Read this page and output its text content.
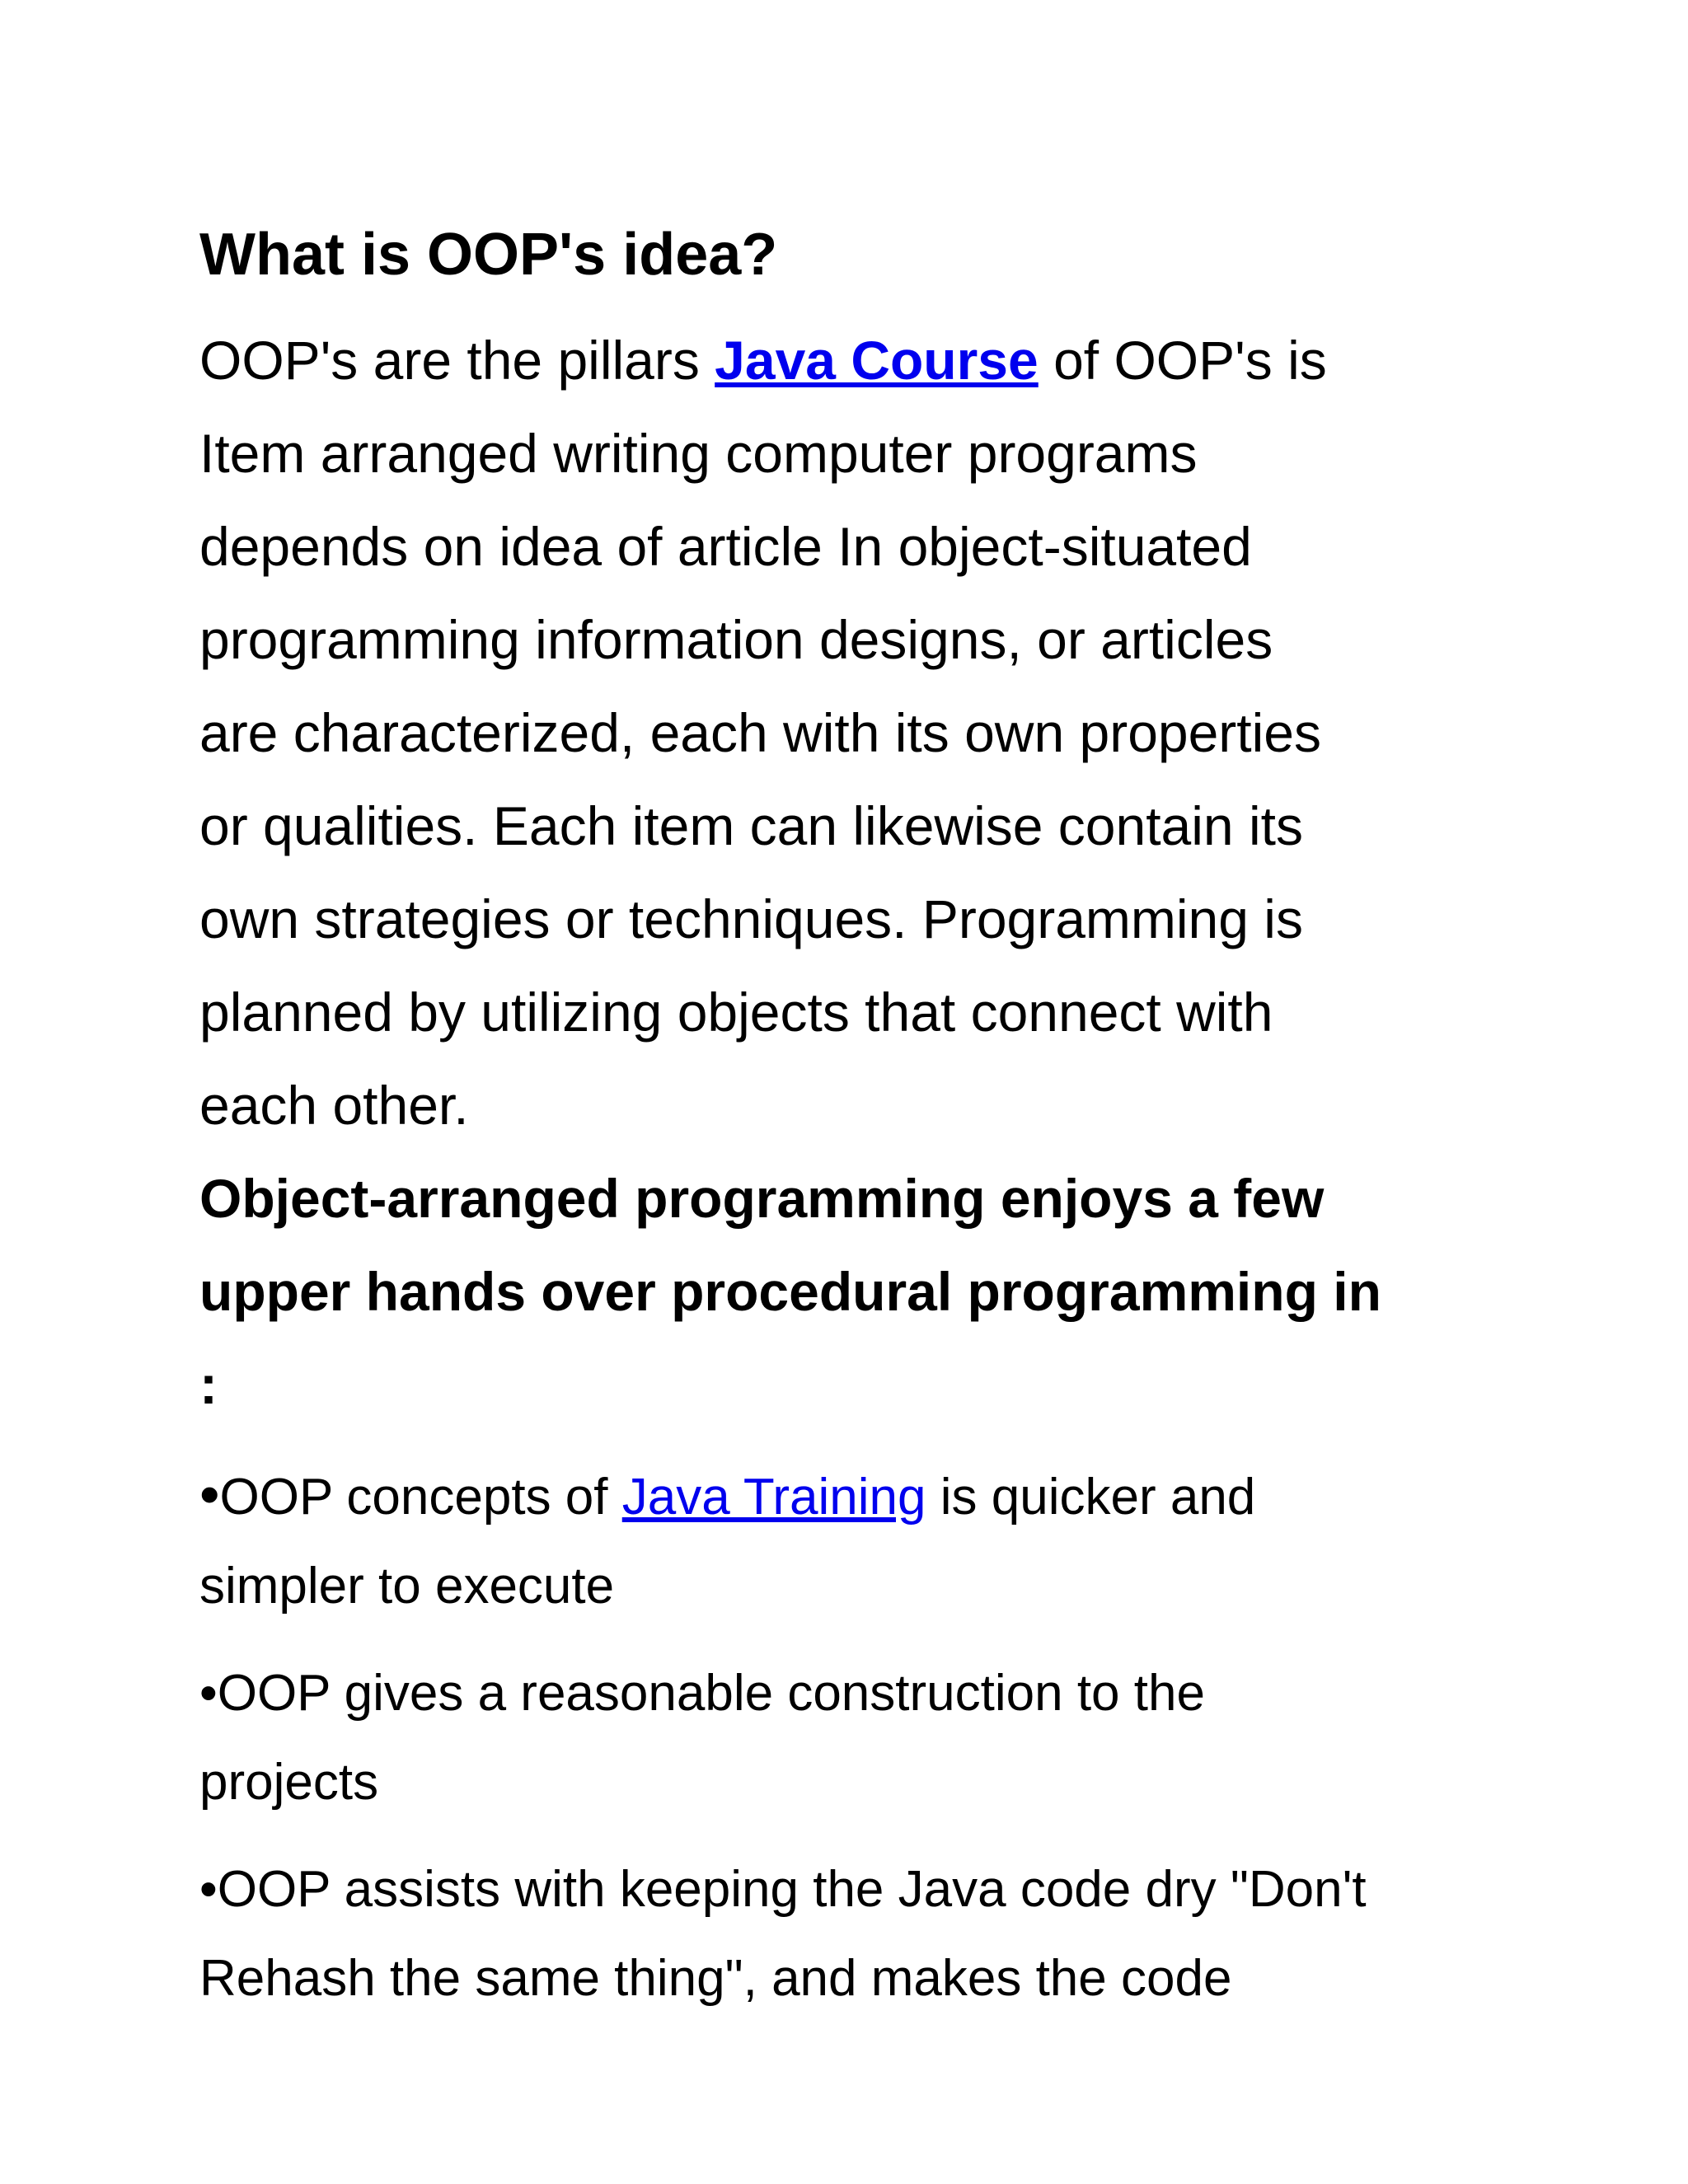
What is OOP's idea?
OOP's are the pillars Java Course of OOP's is
Item arranged writing computer programs
depends on idea of article In object-situated
programming information designs, or articles
are characterized, each with its own properties
or qualities. Each item can likewise contain its
own strategies or techniques. Programming is
planned by utilizing objects that connect with
each other.
Object-arranged programming enjoys a few
upper hands over procedural programming in
:
•OOP concepts of Java Training is quicker and
simpler to execute
•OOP gives a reasonable construction to the
projects
•OOP assists with keeping the Java code dry "Don't
Rehash the same thing", and makes the code
